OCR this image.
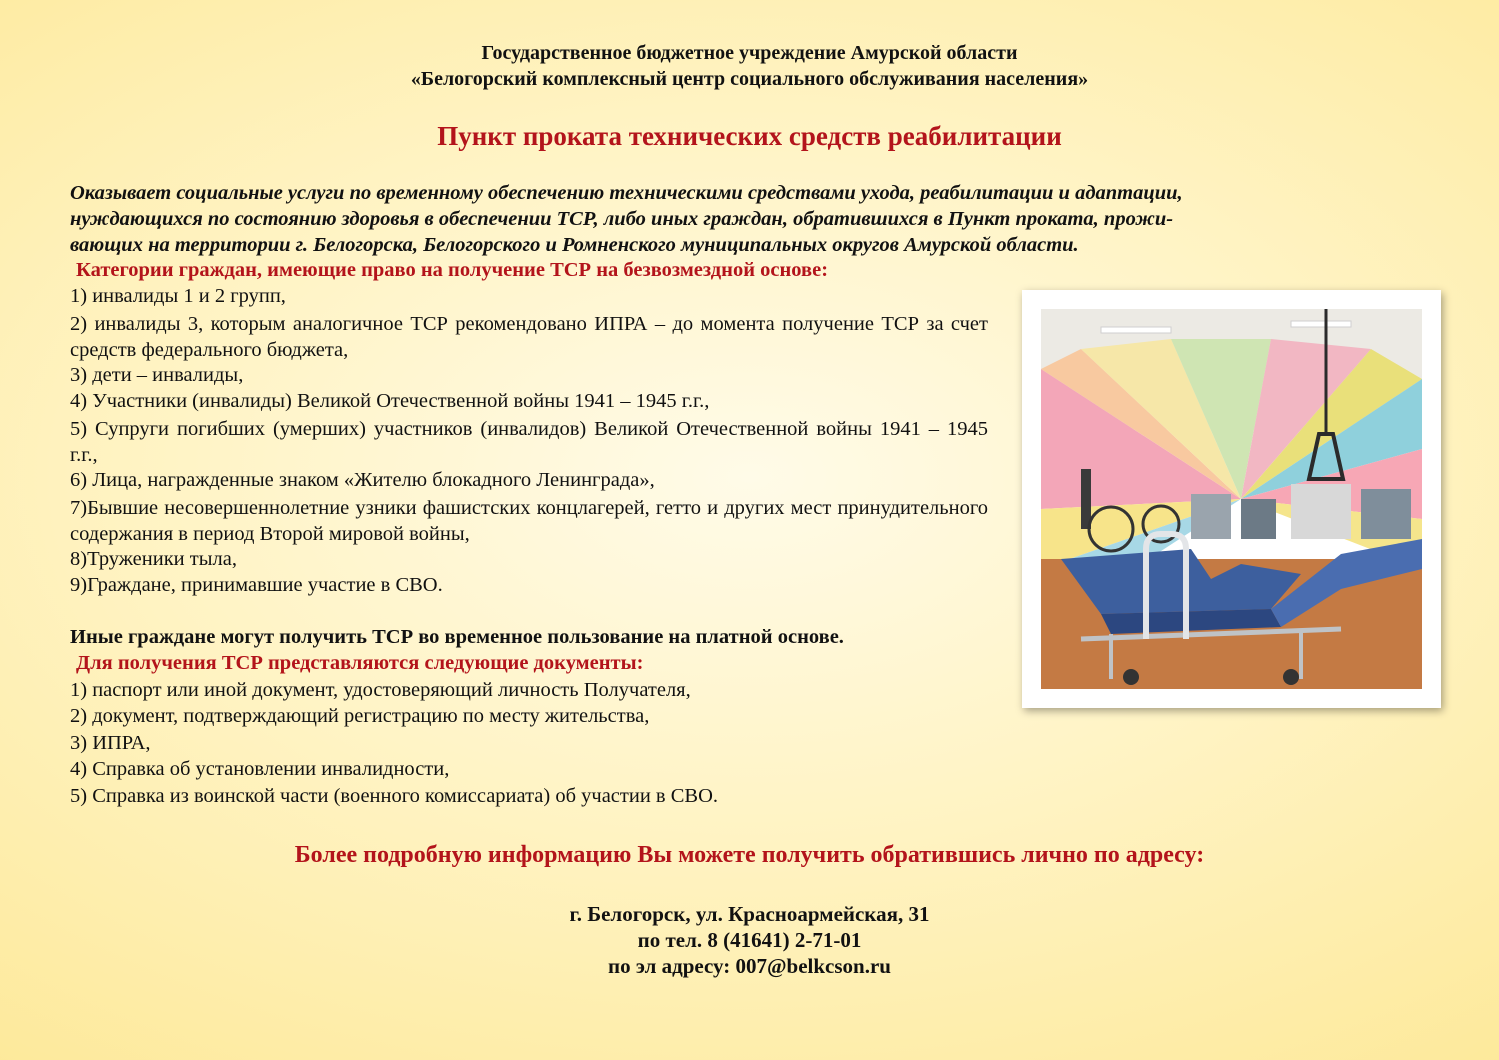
Государственное бюджетное учреждение Амурской области

«Белогорский комплексный центр социального обслуживания населения»

Пункт проката технических средств реабилитации

Оказывает социальные услуги по временному обеспечению техническими средствами ухода, реабилитации и адаптации,
нуждающихся по состоянию здоровья в обеспечении ТСР, либо иных граждан, обратившихся в Пункт проката, прожи-
вающих на территории г. Белогорска, Белогорского и Ромненского муниципальных округов Амурской области.

Категории граждан, имеющие право на получение ТСР на безвозмездной основе:

1) инвалиды 1 и 2 групп,

2) инвалиды 3, которым аналогичное ТСР рекомендовано ИПРА – до момента получение ТСР за счет средств федерального бюджета,

3) дети – инвалиды,

4) Участники (инвалиды) Великой Отечественной войны 1941 – 1945 г.г.,

5) Супруги погибших (умерших) участников (инвалидов) Великой Отечественной войны 1941 – 1945 г.г.,

6) Лица, награжденные знаком «Жителю блокадного Ленинграда»,

7)Бывшие несовершеннолетние узники фашистских концлагерей, гетто и других мест принудительного содержания в период Второй мировой войны,

8)Труженики тыла,

9)Граждане, принимавшие участие в СВО.

Иные граждане могут получить ТСР во временное пользование на платной основе.

Для получения ТСР представляются следующие документы:

1) паспорт или иной документ, удостоверяющий личность Получателя,

2) документ, подтверждающий регистрацию по месту жительства,

3) ИПРА,

4) Справка об установлении инвалидности,

5) Справка из воинской части (военного комиссариата) об участии в СВО.

Более подробную информацию Вы можете получить обратившись лично по адресу:

г. Белогорск, ул. Красноармейская, 31

по тел. 8 (41641) 2-71-01

по эл адресу: 007@belkcson.ru
